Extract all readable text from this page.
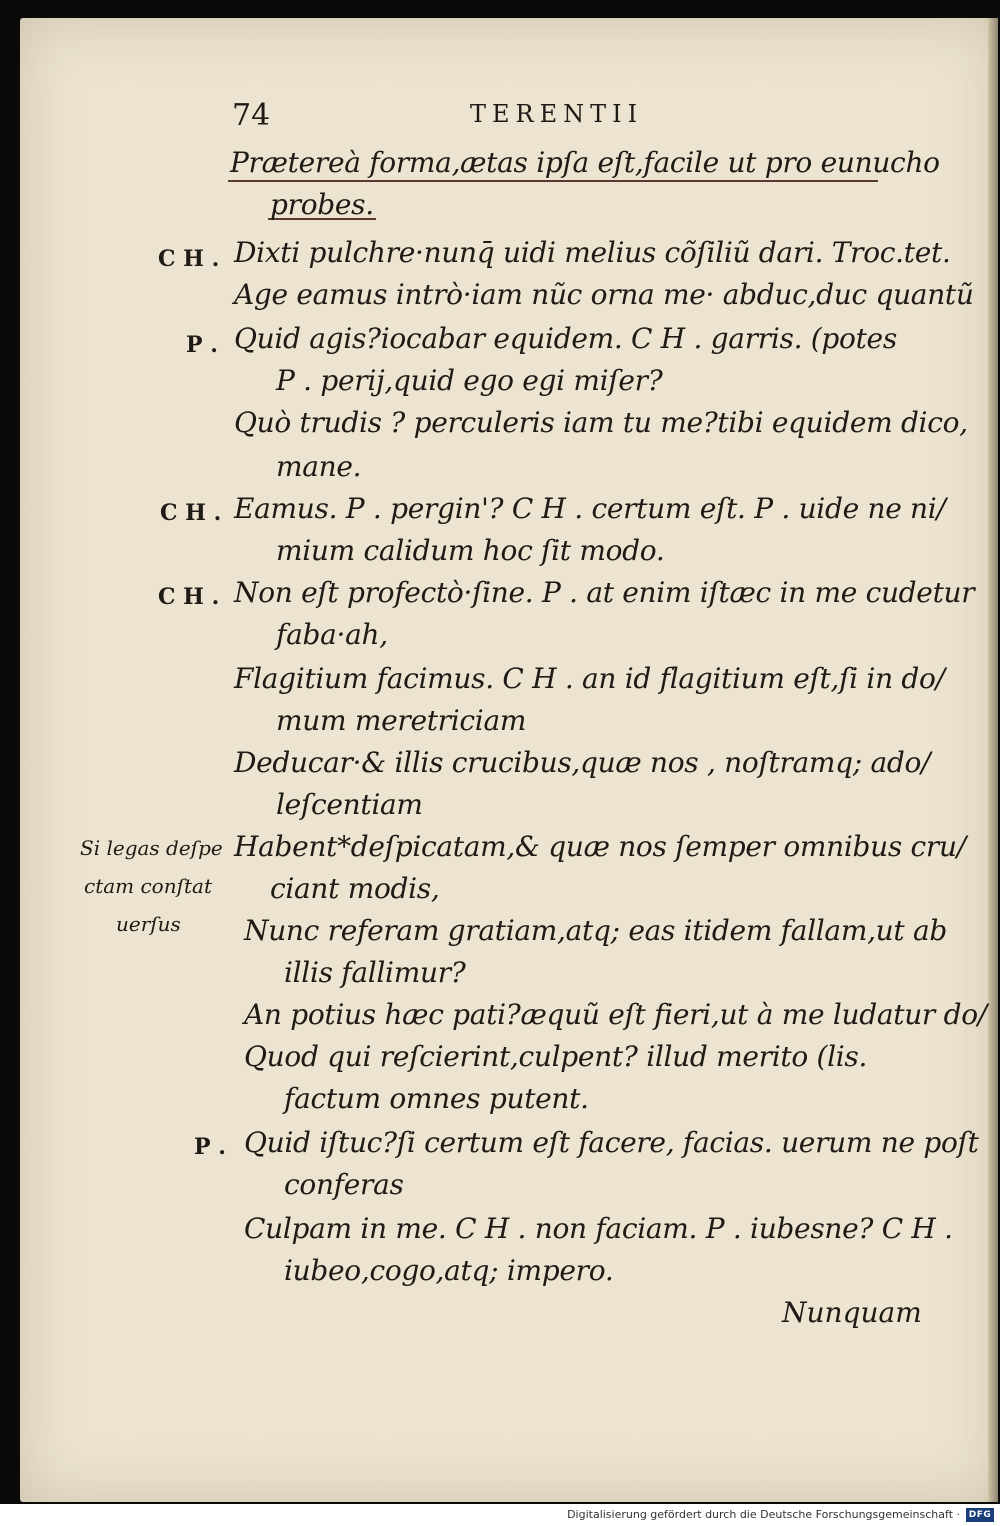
74	TERENTII
Prætereà forma,ætas ipſa eſt,facile ut pro eunucho
probes.
C H . Dixti pulchre·nunq̄ uidi melius cõſiliũ dari. Troc.tet.
Age eamus intrò·iam nũc orna me· abduc,duc quantũ
P . Quid agis?iocabar equidem. C H . garris. (potes
P . perij,quid ego egi miſer?
Quò trudis ? perculeris iam tu me?tibi equidem dico,
mane.
C H . Eamus. P . pergin'? C H . certum eſt. P . uide ne ni/
mium calidum hoc ſit modo.
C H . Non eſt profectò·ſine. P . at enim iſtæc in me cudetur
faba·ah,
Flagitium facimus. C H . an id flagitium eſt,ſi in do/
mum meretriciam
Deducar·& illis crucibus,quæ nos , noſtramq; ado/
leſcentiam
Si legas deſpe
ctam conſtat
uerſus
Habent*deſpicatam,& quæ nos ſemper omnibus cru/
ciant modis,
Nunc referam gratiam,atq; eas itidem fallam,ut ab
illis fallimur?
An potius hæc pati?æquũ eſt fieri,ut à me ludatur do/
Quod qui reſcierint,culpent? illud merito (lis.
factum omnes putent.
P . Quid iſtuc?ſi certum eſt facere, facias. uerum ne poſt
conferas
Culpam in me. C H . non faciam. P . iubesne? C H .
iubeo,cogo,atq; impero.
Nunquam
Digitalisierung gefördert durch die Deutsche Forschungsgemeinschaft · DFG
